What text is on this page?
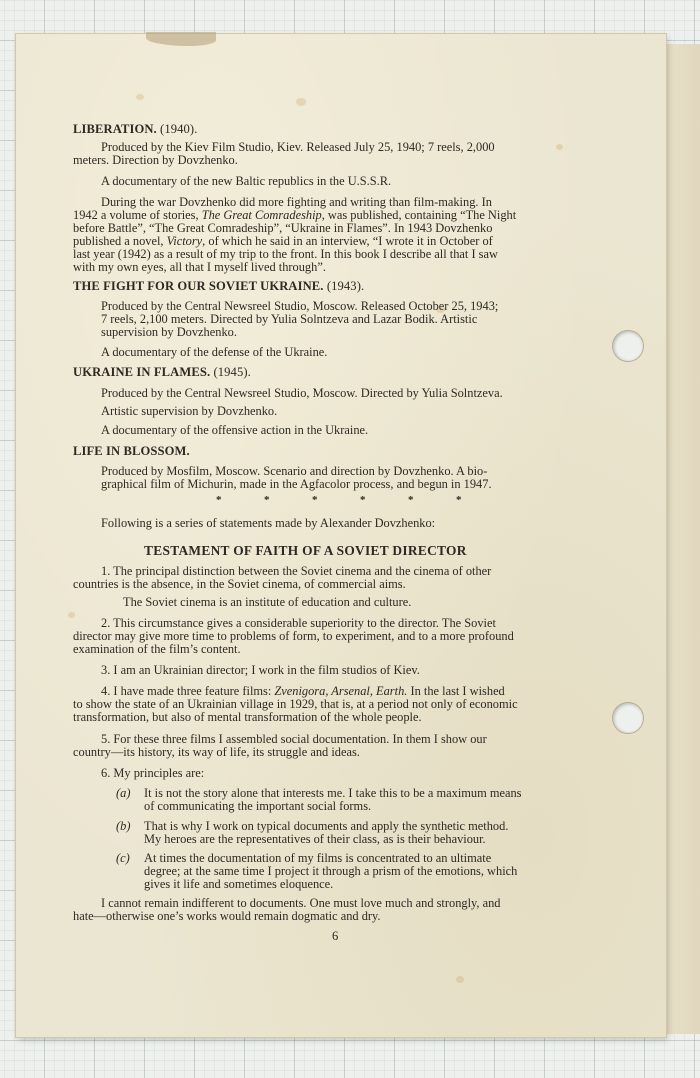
LIBERATION. (1940).
Produced by the Kiev Film Studio, Kiev. Released July 25, 1940; 7 reels, 2,000
meters. Direction by Dovzhenko.
A documentary of the new Baltic republics in the U.S.S.R.
During the war Dovzhenko did more fighting and writing than film-making. In
1942 a volume of stories, The Great Comradeship, was published, containing “The Night
before Battle”, “The Great Comradeship”, “Ukraine in Flames”. In 1943 Dovzhenko
published a novel, Victory, of which he said in an interview, “I wrote it in October of
last year (1942) as a result of my trip to the front. In this book I describe all that I saw
with my own eyes, all that I myself lived through”.
THE FIGHT FOR OUR SOVIET UKRAINE. (1943).
Produced by the Central Newsreel Studio, Moscow. Released October 25, 1943;
7 reels, 2,100 meters. Directed by Yulia Solntzeva and Lazar Bodik. Artistic
supervision by Dovzhenko.
A documentary of the defense of the Ukraine.
UKRAINE IN FLAMES. (1945).
Produced by the Central Newsreel Studio, Moscow. Directed by Yulia Solntzeva.
Artistic supervision by Dovzhenko.
A documentary of the offensive action in the Ukraine.
LIFE IN BLOSSOM.
Produced by Mosfilm, Moscow. Scenario and direction by Dovzhenko. A bio-
graphical film of Michurin, made in the Agfacolor process, and begun in 1947.
*	*	*	*	*	*
Following is a series of statements made by Alexander Dovzhenko:
TESTAMENT OF FAITH OF A SOVIET DIRECTOR
1. The principal distinction between the Soviet cinema and the cinema of other
countries is the absence, in the Soviet cinema, of commercial aims.
The Soviet cinema is an institute of education and culture.
2. This circumstance gives a considerable superiority to the director. The Soviet
director may give more time to problems of form, to experiment, and to a more profound
examination of the film’s content.
3. I am an Ukrainian director; I work in the film studios of Kiev.
4. I have made three feature films: Zvenigora, Arsenal, Earth. In the last I wished
to show the state of an Ukrainian village in 1929, that is, at a period not only of economic
transformation, but also of mental transformation of the whole people.
5. For these three films I assembled social documentation. In them I show our
country—its history, its way of life, its struggle and ideas.
6. My principles are:
(a) It is not the story alone that interests me. I take this to be a maximum means
of communicating the important social forms.
(b) That is why I work on typical documents and apply the synthetic method.
My heroes are the representatives of their class, as is their behaviour.
(c) At times the documentation of my films is concentrated to an ultimate
degree; at the same time I project it through a prism of the emotions, which
gives it life and sometimes eloquence.
I cannot remain indifferent to documents. One must love much and strongly, and
hate—otherwise one’s works would remain dogmatic and dry.
6
